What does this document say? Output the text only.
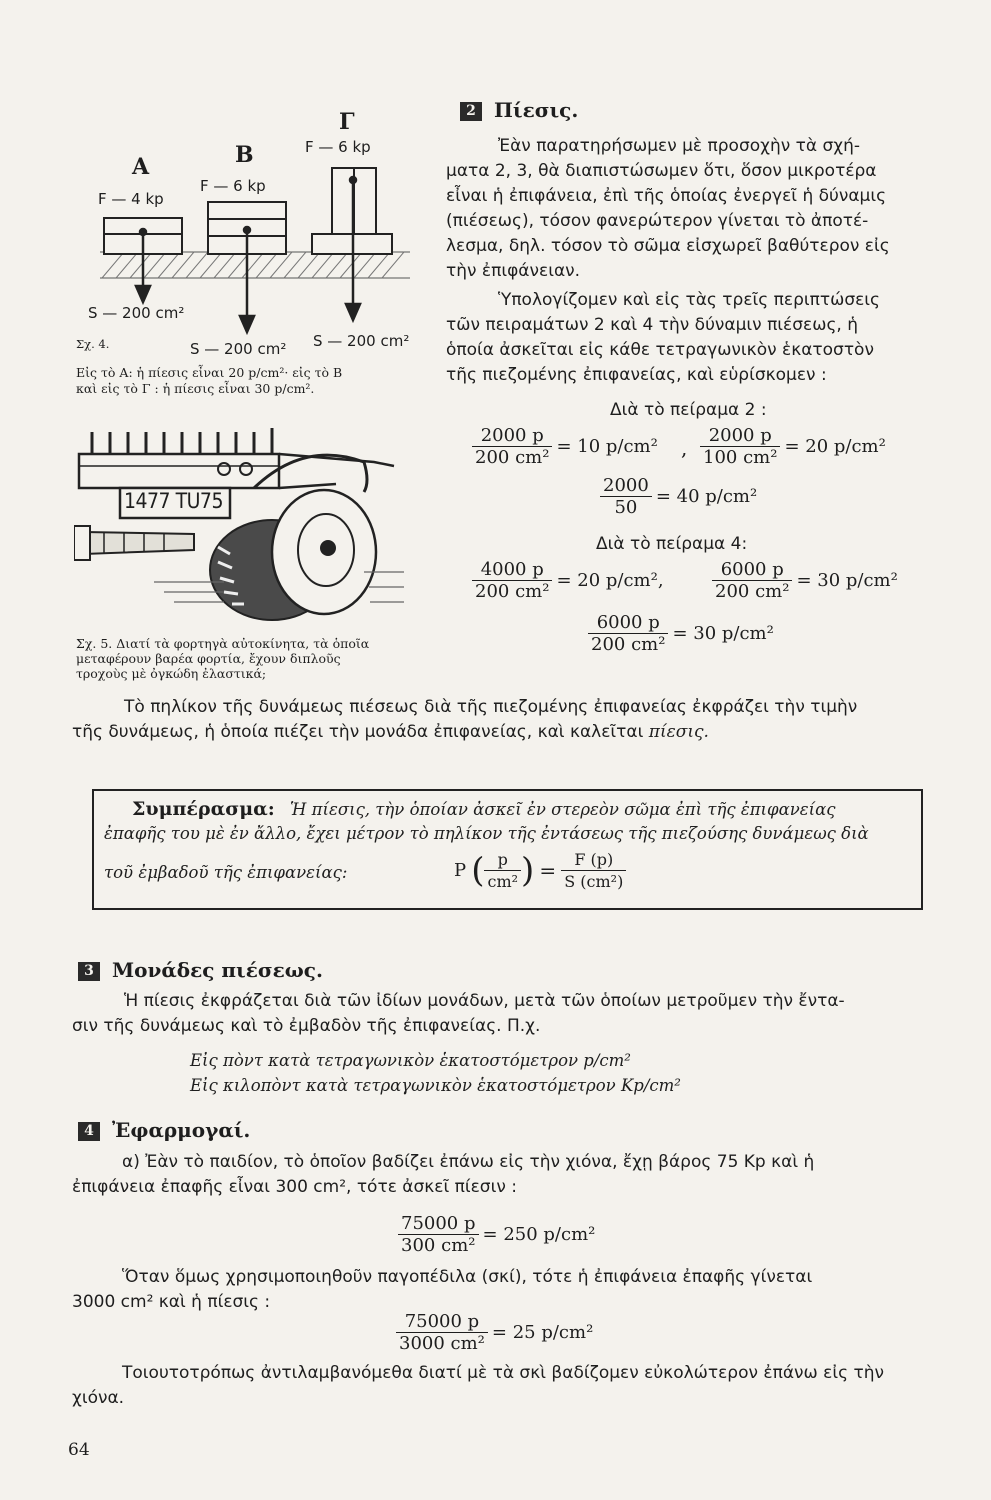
A	B
Γ
F — 4 kp
F — 6 kp
F — 6 kp
S — 200 cm²
S — 200 cm² S — 200 cm²
Σχ. 4.
Εἰς τὸ Α: ἡ πίεσις εἶναι 20 p/cm²· εἰς τὸ Β
καὶ εἰς τὸ Γ : ἡ πίεσις εἶναι 30 p/cm².
1477 TU75
Σχ. 5. Διατί τὰ φορτηγὰ αὐτοκίνητα, τὰ ὁποῖα
μεταφέρουν βαρέα φορτία, ἔχουν διπλοῦς
τροχοὺς μὲ ὀγκώδη ἐλαστικά;
2 Πίεσις.
Ἐὰν παρατηρήσωμεν μὲ προσοχὴν τὰ σχή-
ματα 2, 3, θὰ διαπιστώσωμεν ὅτι, ὅσον μικροτέρα
εἶναι ἡ ἐπιφάνεια, ἐπὶ τῆς ὁποίας ἐνεργεῖ ἡ δύναμις
(πιέσεως), τόσον φανερώτερον γίνεται τὸ ἀποτέ-
λεσμα, δηλ. τόσον τὸ σῶμα εἰσχωρεῖ βαθύτερον εἰς
τὴν ἐπιφάνειαν.
Ὑπολογίζομεν καὶ εἰς τὰς τρεῖς περιπτώσεις
τῶν πειραμάτων 2 καὶ 4 τὴν δύναμιν πιέσεως, ἡ
ὁποία ἀσκεῖται εἰς κάθε τετραγωνικὸν ἑκατοστὸν
τῆς πιεζομένης ἐπιφανείας, καὶ εὑρίσκομεν :
Διὰ τὸ πείραμα 2 :
$\frac{2000 p}{\text{200 cm²}} = 10$ $p/cm^2 \frac{2000 p}{\text{100 cm²}} = 20$ p/cm²
,
$\frac{2000}{50} = 40$ p/cm²
Διὰ τὸ πείραμα 4:
$\frac{4000 p}{\text{200 cm²}} = 20$ p/cm²,	$\frac{6000 p}{\text{200 cm²}} = 30$ p/cm²
$\frac{6000 p}{\text{200 cm²}} = 30$ p/cm²
Τὸ πηλίκον τῆς δυνάμεως πιέσεως διὰ τῆς πιεζομένης ἐπιφανείας ἐκφράζει τὴν τιμὴν
τῆς δυνάμεως, ἡ ὁποία πιέζει τὴν μονάδα ἐπιφανείας, καὶ καλεῖται πίεσις.
Συμπέρασμα: Ἡ πίεσις, τὴν ὁποίαν ἀσκεῖ ἐν στερεὸν σῶμα ἐπὶ τῆς ἐπιφανείας
ἐπαφῆς του μὲ ἐν ἄλλο, ἔχει μέτρον τὸ πηλίκον τῆς ἐντάσεως τῆς πιεζούσης δυνάμεως διὰ
τοῦ ἐμβαδοῦ τῆς ἐπιφανείας:	P ( $\frac{p}{\text{cm²}}$ ) = $\frac{F (p)}{\text{S (cm²)}}$
3 Μονάδες πιέσεως.
Ἡ πίεσις ἐκφράζεται διὰ τῶν ἰδίων μονάδων, μετὰ τῶν ὁποίων μετροῦμεν τὴν ἔντα-
σιν τῆς δυνάμεως καὶ τὸ ἐμβαδὸν τῆς ἐπιφανείας. Π.χ.
Εἰς πὸντ κατὰ τετραγωνικὸν ἑκατοστόμετρον p/cm²
Εἰς κιλοπὸντ κατὰ τετραγωνικὸν ἑκατοστόμετρον Kp/cm²
4 Ἐφαρμογαί.
α) Ἐὰν τὸ παιδίον, τὸ ὁποῖον βαδίζει ἐπάνω εἰς τὴν χιόνα, ἔχῃ βάρος 75 Kp καὶ ἡ
ἐπιφάνεια ἐπαφῆς εἶναι 300 cm², τότε ἀσκεῖ πίεσιν :
$\frac{75000 p}{\text{300 cm²}} = 250$ p/cm²
Ὅταν ὅμως χρησιμοποιηθοῦν παγοπέδιλα (σκί), τότε ἡ ἐπιφάνεια ἐπαφῆς γίνεται
3000 cm² καὶ ἡ πίεσις :
$\frac{75000 p}{\text{3000 cm²}} = 25$ p/cm²
Τοιουτοτρόπως ἀντιλαμβανόμεθα διατί μὲ τὰ σκὶ βαδίζομεν εὐκολώτερον ἐπάνω εἰς τὴν
χιόνα.
64
